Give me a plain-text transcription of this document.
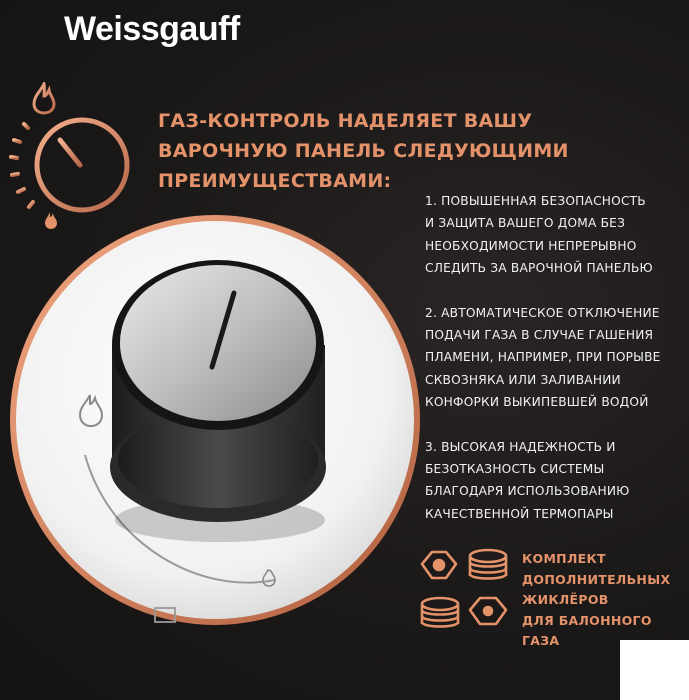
Weissgauff
ГАЗ-КОНТРОЛЬ НАДЕЛЯЕТ ВАШУ ВАРОЧНУЮ ПАНЕЛЬ СЛЕДУЮЩИМИ ПРЕИМУЩЕСТВАМИ:
1. ПОВЫШЕННАЯ БЕЗОПАСНОСТЬ
И ЗАЩИТА ВАШЕГО ДОМА БЕЗ
НЕОБХОДИМОСТИ НЕПРЕРЫВНО
СЛЕДИТЬ ЗА ВАРОЧНОЙ ПАНЕЛЬЮ
2. АВТОМАТИЧЕСКОЕ ОТКЛЮЧЕНИЕ
ПОДАЧИ ГАЗА В СЛУЧАЕ ГАШЕНИЯ
ПЛАМЕНИ, НАПРИМЕР, ПРИ ПОРЫВЕ
СКВОЗНЯКА ИЛИ ЗАЛИВАНИИ
КОНФОРКИ ВЫКИПЕВШЕЙ ВОДОЙ
3. ВЫСОКАЯ НАДЕЖНОСТЬ И
БЕЗОТКАЗНОСТЬ СИСТЕМЫ
БЛАГОДАРЯ ИСПОЛЬЗОВАНИЮ
КАЧЕСТВЕННОЙ ТЕРМОПАРЫ
КОМПЛЕКТ
ДОПОЛНИТЕЛЬНЫХ
ЖИКЛЁРОВ
ДЛЯ БАЛОННОГО
ГАЗА
